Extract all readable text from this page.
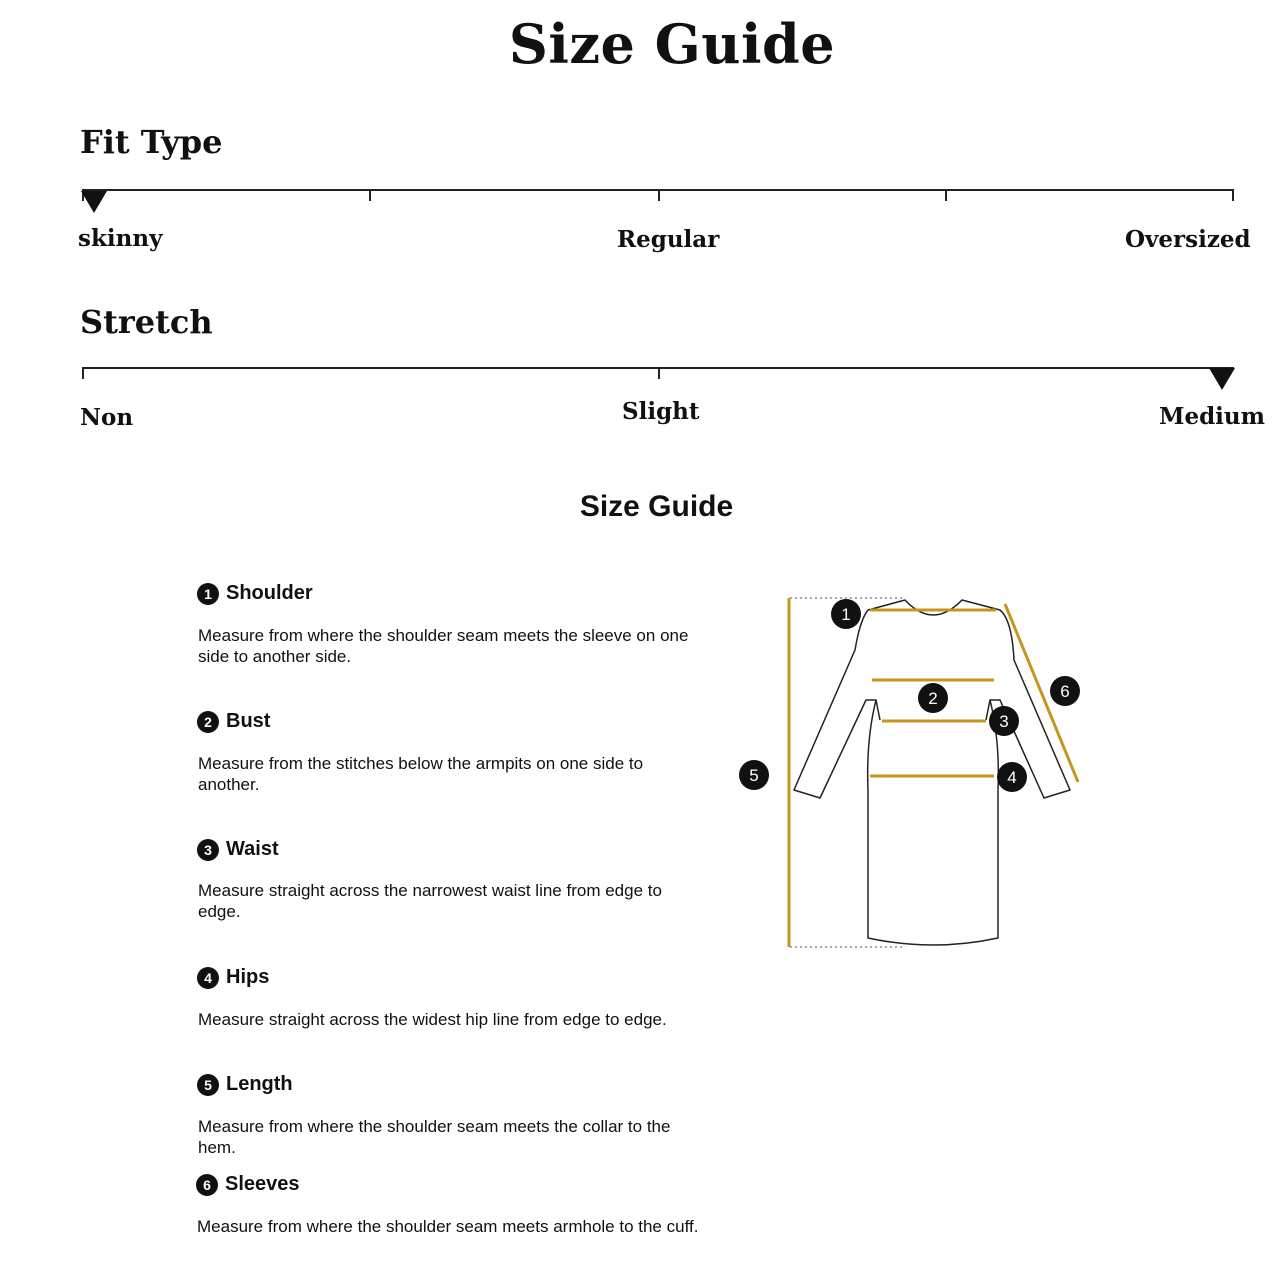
Size Guide
Fit Type
skinny	Regular	Oversized
Stretch
Non	Slight	Medium
Size Guide
1 Shoulder
Measure from where the shoulder seam meets the sleeve on one side to another side.
2 Bust
Measure from the stitches below the armpits on one side to another.
3 Waist
Measure straight across the narrowest waist line from edge to edge.
4 Hips
Measure straight across the widest hip line from edge to edge.
5 Length
Measure from where the shoulder seam meets the collar to the hem.
6 Sleeves
Measure from where the shoulder seam meets armhole to the cuff.
1
2
3
4
5
6
